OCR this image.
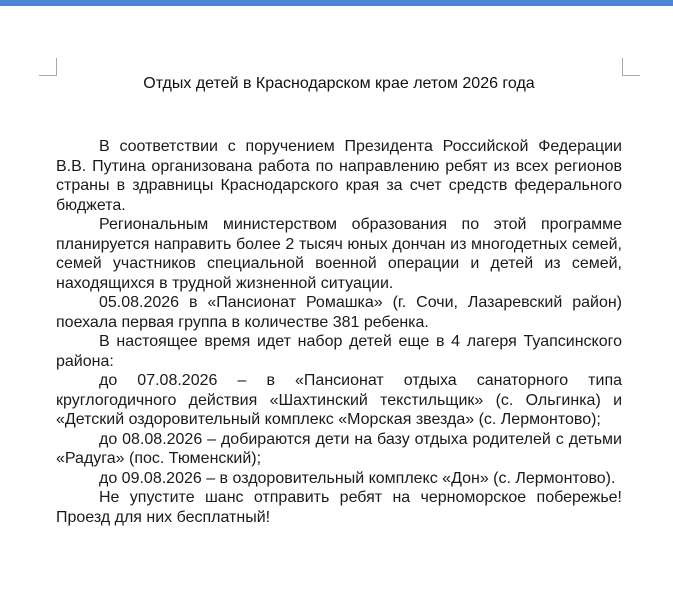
Отдых детей в Краснодарском крае летом 2026 года

В соответствии с поручением Президента Российской Федерации В.В. Путина организована работа по направлению ребят из всех регионов страны в здравницы Краснодарского края за счет средств федерального бюджета.

Региональным министерством образования по этой программе планируется направить более 2 тысяч юных дончан из многодетных семей, семей участников специальной военной операции и детей из семей, находящихся в трудной жизненной ситуации.

05.08.2026 в «Пансионат Ромашка» (г. Сочи, Лазаревский район) поехала первая группа в количестве 381 ребенка.

В настоящее время идет набор детей еще в 4 лагеря Туапсинского района:

до 07.08.2026 – в «Пансионат отдыха санаторного типа круглогодичного действия «Шахтинский текстильщик» (с. Ольгинка) и «Детский оздоровительный комплекс «Морская звезда» (с. Лермонтово);

до 08.08.2026 – добираются дети на базу отдыха родителей с детьми «Радуга» (пос. Тюменский);

до 09.08.2026 – в оздоровительный комплекс «Дон» (с. Лермонтово).

Не упустите шанс отправить ребят на черноморское побережье! Проезд для них бесплатный!
